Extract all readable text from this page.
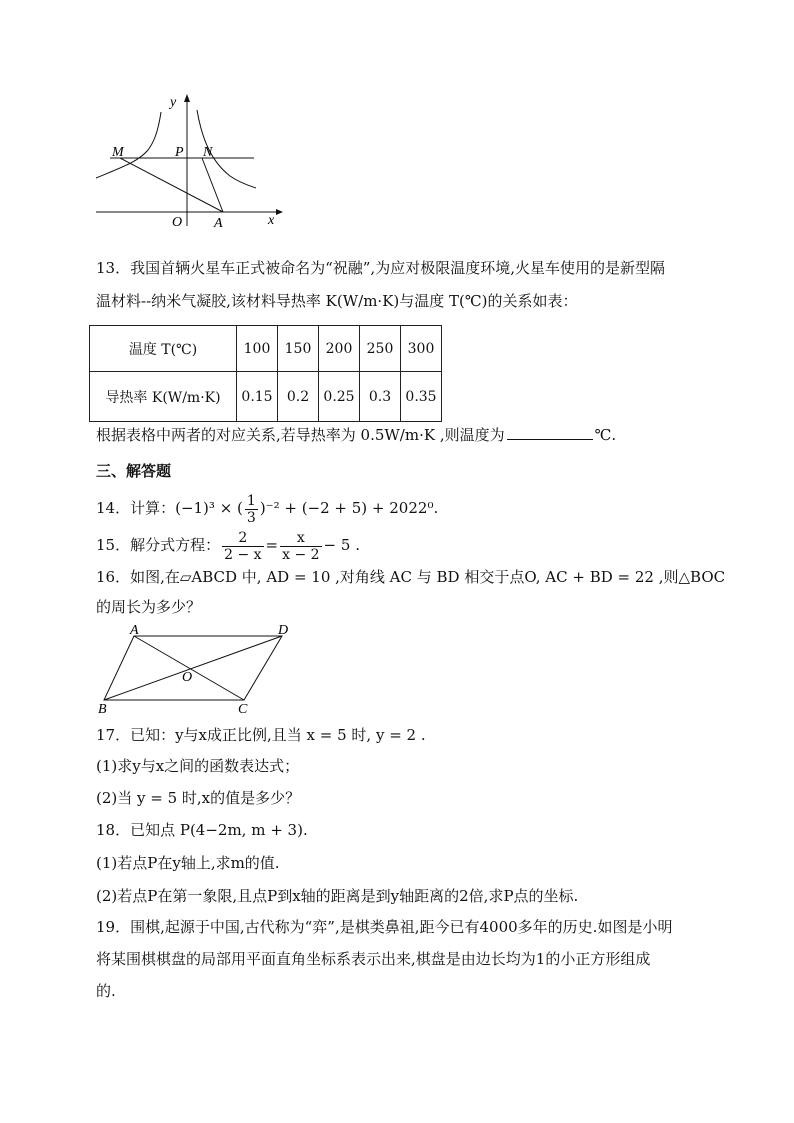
y
x
M	P N
O A
13．我国首辆火星车正式被命名为“祝融”,为应对极限温度环境,火星车使用的是新型隔
温材料--纳米气凝胶,该材料导热率 K(W/m·K)与温度 T(℃)的关系如表：
温度 T(℃)	100	150	200	250	300
导热率 K(W/m·K)	0.15	0.2	0.25	0.3	0.35
根据表格中两者的对应关系,若导热率为 0.5W/m·K ,则温度为	℃.
三、解答题
14．计算：(−1)³ × ( $\frac{1}{3} )^{-2} + (-2 + 5) + 2022^0$.
15．解分式方程： $\frac{2}{2 - x} = \frac{x}{x - 2} - 5$ .
16．如图,在▱ABCD 中, AD = 10 ,对角线 AC 与 BD 相交于点O, AC + BD = 22 ,则△BOC
的周长为多少？
A	D
O
B	C
17．已知：y与x成正比例,且当 x = 5 时, y = 2 .
(1)求y与x之间的函数表达式；
(2)当 y = 5 时,x的值是多少？
18．已知点 P(4−2m, m + 3).
(1)若点P在y轴上,求m的值.
(2)若点P在第一象限,且点P到x轴的距离是到y轴距离的2倍,求P点的坐标.
19．围棋,起源于中国,古代称为“弈”,是棋类鼻祖,距今已有4000多年的历史.如图是小明
将某围棋棋盘的局部用平面直角坐标系表示出来,棋盘是由边长均为1的小正方形组成
的.
